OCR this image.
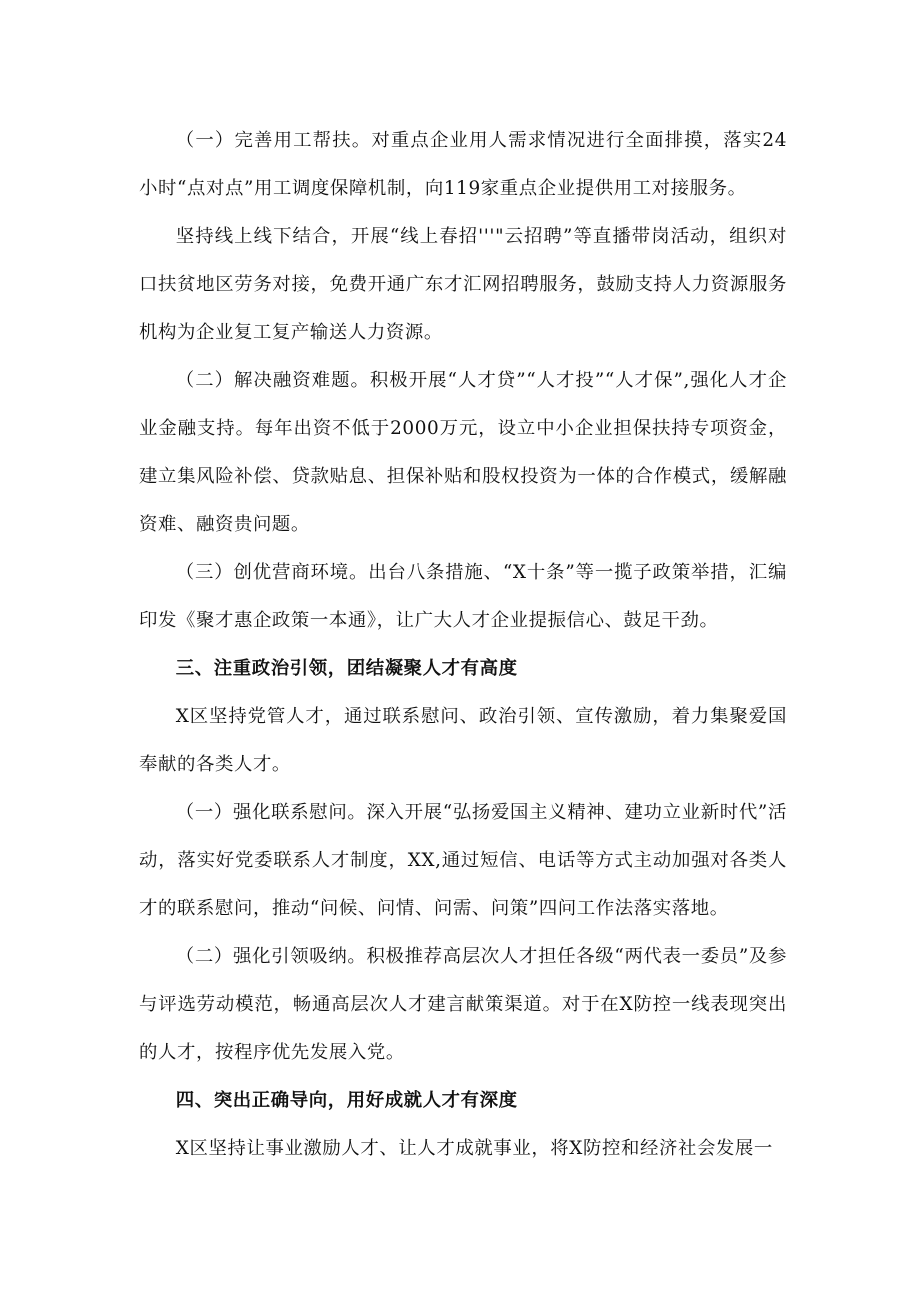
（一）完善用工帮扶。对重点企业用人需求情况进行全面排摸，落实24小时“点对点”用工调度保障机制，向119家重点企业提供用工对接服务。

坚持线上线下结合，开展“线上春招'''"云招聘”等直播带岗活动，组织对口扶贫地区劳务对接，免费开通广东才汇网招聘服务，鼓励支持人力资源服务机构为企业复工复产输送人力资源。

（二）解决融资难题。积极开展“人才贷”“人才投”“人才保”,强化人才企业金融支持。每年出资不低于2000万元，设立中小企业担保扶持专项资金，建立集风险补偿、贷款贴息、担保补贴和股权投资为一体的合作模式，缓解融资难、融资贵问题。

（三）创优营商环境。出台八条措施、“X十条”等一揽子政策举措，汇编印发《聚才惠企政策一本通》，让广大人才企业提振信心、鼓足干劲。

三、注重政治引领，团结凝聚人才有高度

X区坚持党管人才，通过联系慰问、政治引领、宣传激励，着力集聚爱国奉献的各类人才。

（一）强化联系慰问。深入开展“弘扬爱国主义精神、建功立业新时代”活动，落实好党委联系人才制度，XX,通过短信、电话等方式主动加强对各类人才的联系慰问，推动“问候、问情、问需、问策”四问工作法落实落地。

（二）强化引领吸纳。积极推荐高层次人才担任各级“两代表一委员”及参与评选劳动模范，畅通高层次人才建言献策渠道。对于在X防控一线表现突出的人才，按程序优先发展入党。

四、突出正确导向，用好成就人才有深度

X区坚持让事业激励人才、让人才成就事业，将X防控和经济社会发展一
